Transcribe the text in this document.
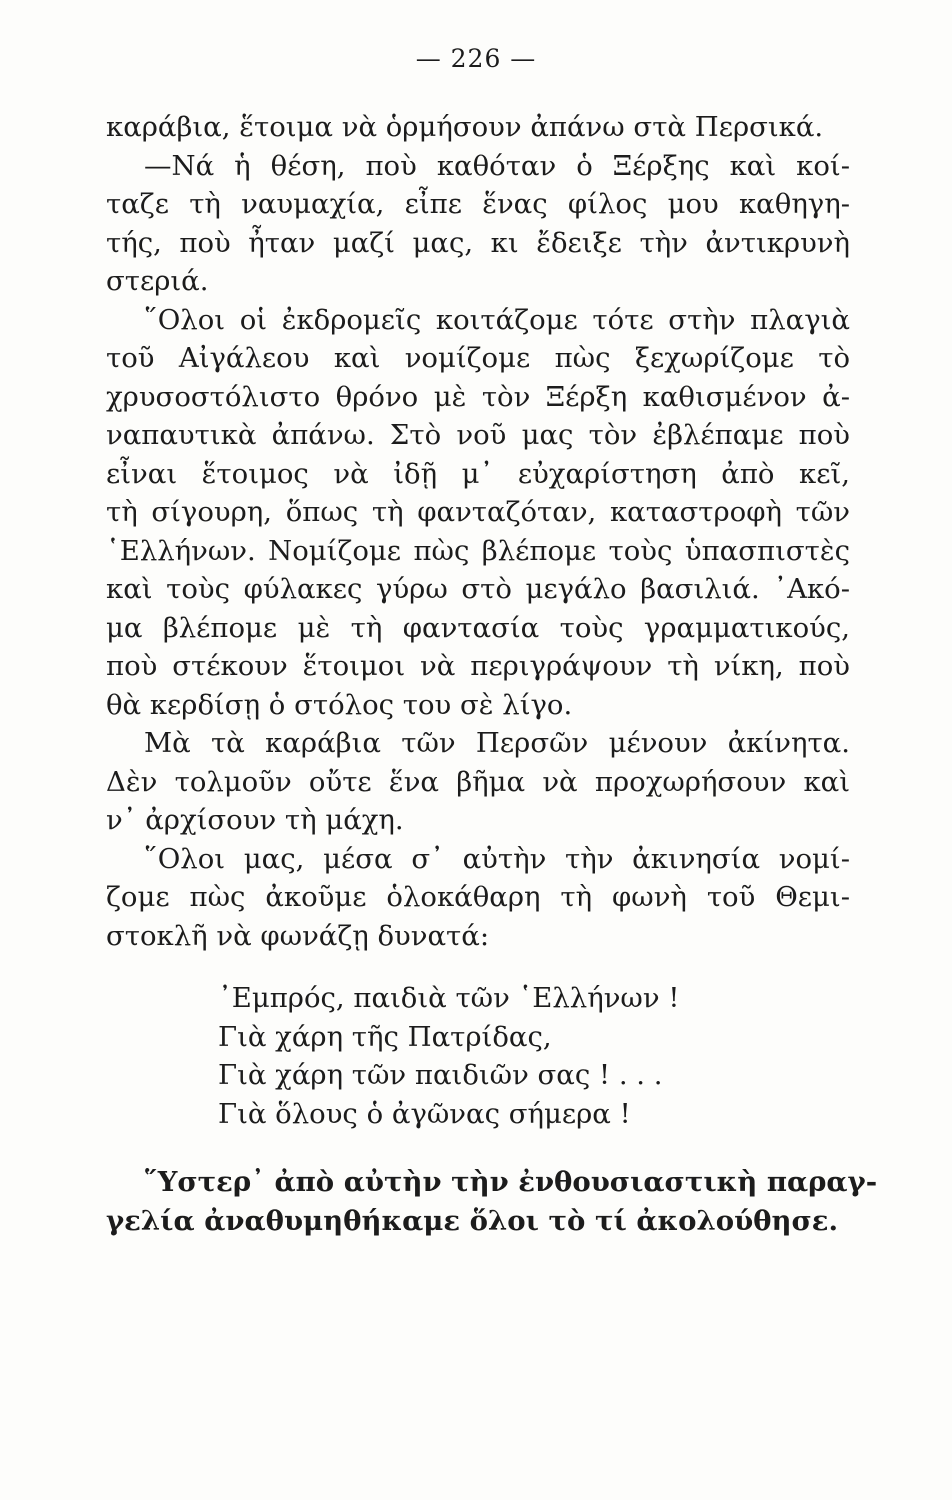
— 226 —
καράβια, ἕτοιμα νὰ ὁρμήσουν ἀπάνω στὰ Περσικά.
—Νά ἡ θέση, ποὺ καθόταν ὁ Ξέρξης καὶ κοί-
ταζε τὴ ναυμαχία, εἶπε ἕνας φίλος μου καθηγη-
τής, ποὺ ἦταν μαζί μας, κι ἔδειξε τὴν ἀντικρυνὴ
στεριά.
῞Ολοι οἱ ἐκδρομεῖς κοιτάζομε τότε στὴν πλαγιὰ
τοῦ Αἰγάλεου καὶ νομίζομε πὼς ξεχωρίζομε τὸ
χρυσοστόλιστο θρόνο μὲ τὸν Ξέρξη καθισμένον ἀ-
ναπαυτικὰ ἀπάνω. Στὸ νοῦ μας τὸν ἐβλέπαμε ποὺ
εἶναι ἕτοιμος νὰ ἰδῇ μ᾿ εὐχαρίστηση ἀπὸ κεῖ,
τὴ σίγουρη, ὅπως τὴ φανταζόταν, καταστροφὴ τῶν
῾Ελλήνων. Νομίζομε πὼς βλέπομε τοὺς ὑπασπιστὲς
καὶ τοὺς φύλακες γύρω στὸ μεγάλο βασιλιά. ᾿Ακό-
μα βλέπομε μὲ τὴ φαντασία τοὺς γραμματικούς,
ποὺ στέκουν ἕτοιμοι νὰ περιγράψουν τὴ νίκη, ποὺ
θὰ κερδίσῃ ὁ στόλος του σὲ λίγο.
Μὰ τὰ καράβια τῶν Περσῶν μένουν ἀκίνητα.
Δὲν τολμοῦν οὔτε ἕνα βῆμα νὰ προχωρήσουν καὶ
ν᾿ ἀρχίσουν τὴ μάχη.
῞Ολοι μας, μέσα σ᾿ αὐτὴν τὴν ἀκινησία νομί-
ζομε πὼς ἀκοῦμε ὁλοκάθαρη τὴ φωνὴ τοῦ Θεμι-
στοκλῆ νὰ φωνάζῃ δυνατά:
᾿Εμπρός, παιδιὰ τῶν ῾Ελλήνων !
Γιὰ χάρη τῆς Πατρίδας,
Γιὰ χάρη τῶν παιδιῶν σας ! . . .
Γιὰ ὅλους ὁ ἀγῶνας σήμερα !
῞Υστερ᾿ ἀπὸ αὐτὴν τὴν ἐνθουσιαστικὴ παραγ-
γελία ἀναθυμηθήκαμε ὅλοι τὸ τί ἀκολούθησε.
